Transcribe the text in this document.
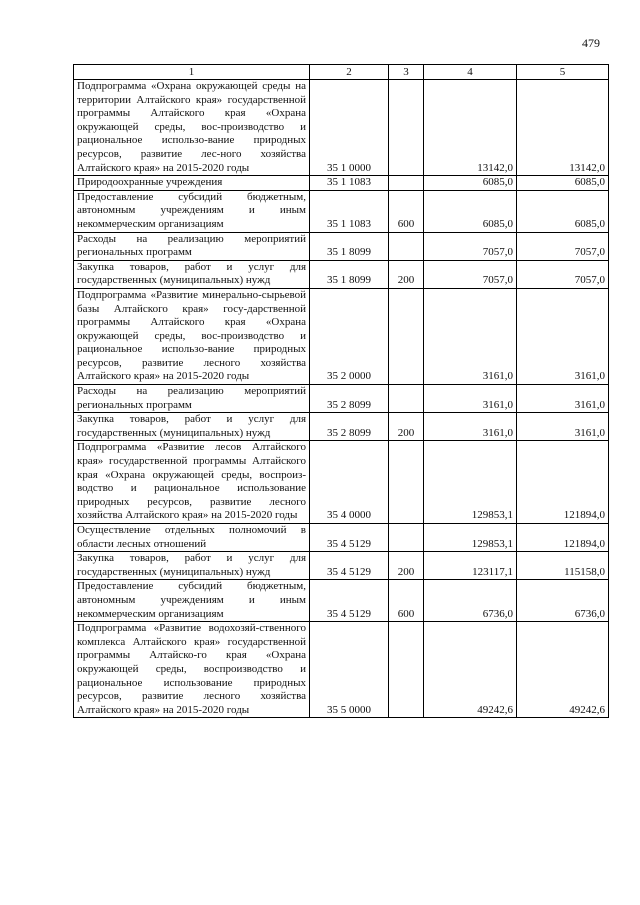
479
1	2	3	4	5
Подпрограмма «Охрана окружающей среды на территории Алтайского края» государственной программы Алтайского края «Охрана окружающей среды, вос-производство и рациональное использо-вание природных ресурсов, развитие лес-ного хозяйства Алтайского края» на 2015-2020 годы	35 1 0000		13142,0	13142,0
Природоохранные учреждения	35 1 1083		6085,0	6085,0
Предоставление субсидий бюджетным, автономным учреждениям и иным некоммерческим организациям	35 1 1083	600	6085,0	6085,0
Расходы на реализацию мероприятий региональных программ	35 1 8099		7057,0	7057,0
Закупка товаров, работ и услуг для государственных (муниципальных) нужд	35 1 8099	200	7057,0	7057,0
Подпрограмма «Развитие минерально-сырьевой базы Алтайского края» госу-дарственной программы Алтайского края «Охрана окружающей среды, вос-производство и рациональное использо-вание природных ресурсов, развитие лесного хозяйства Алтайского края» на 2015-2020 годы	35 2 0000		3161,0	3161,0
Расходы на реализацию мероприятий региональных программ	35 2 8099		3161,0	3161,0
Закупка товаров, работ и услуг для государственных (муниципальных) нужд	35 2 8099	200	3161,0	3161,0
Подпрограмма «Развитие лесов Алтайского края» государственной программы Алтайского края «Охрана окружающей среды, воспроиз-водство и рациональное использование природных ресурсов, развитие лесного хозяйства Алтайского края» на 2015-2020 годы	35 4 0000		129853,1	121894,0
Осуществление отдельных полномочий в области лесных отношений	35 4 5129		129853,1	121894,0
Закупка товаров, работ и услуг для государственных (муниципальных) нужд	35 4 5129	200	123117,1	115158,0
Предоставление субсидий бюджетным, автономным учреждениям и иным некоммерческим организациям	35 4 5129	600	6736,0	6736,0
Подпрограмма «Развитие водохозяй-ственного комплекса Алтайского края» государственной программы Алтайско-го края «Охрана окружающей среды, воспроизводство и рациональное использование природных ресурсов, развитие лесного хозяйства Алтайского края» на 2015-2020 годы	35 5 0000		49242,6	49242,6
